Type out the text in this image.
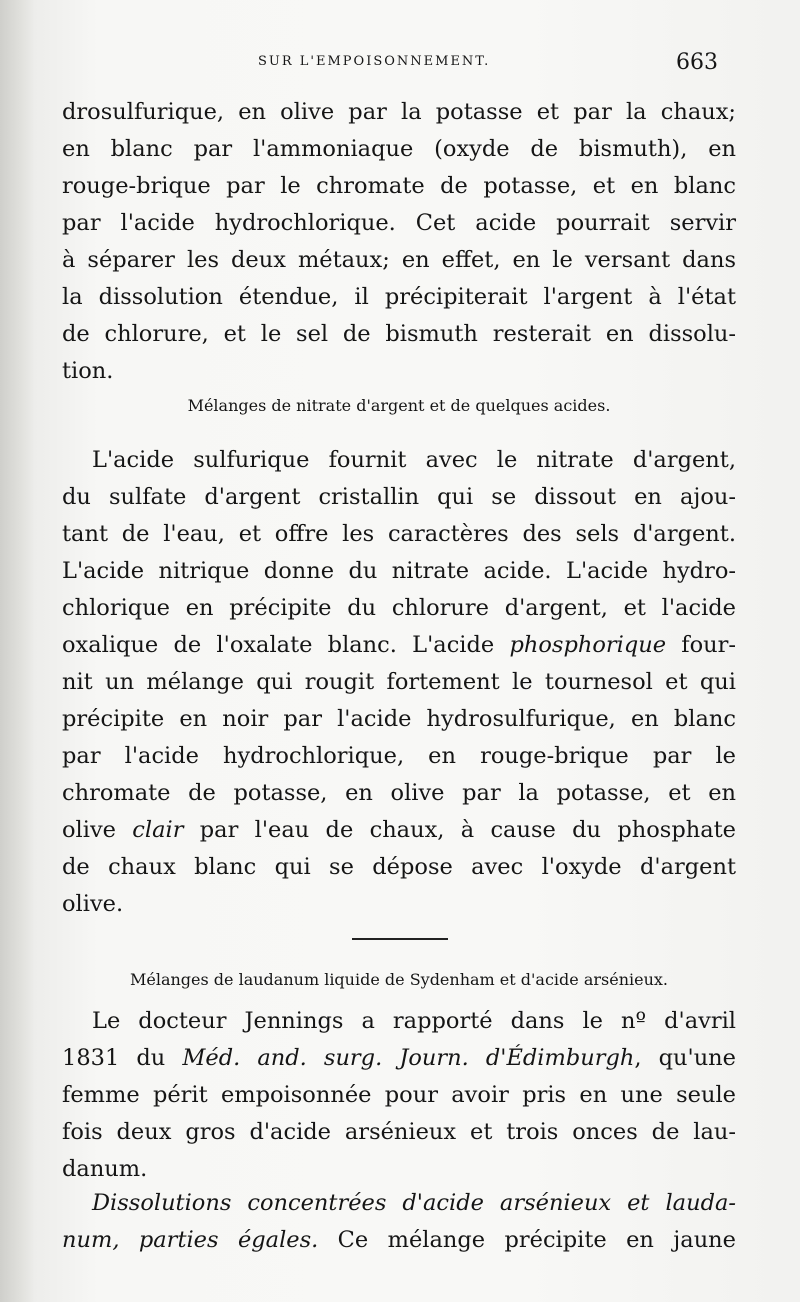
SUR L'EMPOISONNEMENT.	663

drosulfurique, en olive par la potasse et par la chaux;
en blanc par l'ammoniaque (oxyde de bismuth), en
rouge-brique par le chromate de potasse, et en blanc
par l'acide hydrochlorique. Cet acide pourrait servir
à séparer les deux métaux; en effet, en le versant dans
la dissolution étendue, il précipiterait l'argent à l'état
de chlorure, et le sel de bismuth resterait en dissolu-
tion.

Mélanges de nitrate d'argent et de quelques acides.

L'acide sulfurique fournit avec le nitrate d'argent,
du sulfate d'argent cristallin qui se dissout en ajou-
tant de l'eau, et offre les caractères des sels d'argent.
L'acide nitrique donne du nitrate acide. L'acide hydro-
chlorique en précipite du chlorure d'argent, et l'acide
oxalique de l'oxalate blanc. L'acide phosphorique four-
nit un mélange qui rougit fortement le tournesol et qui
précipite en noir par l'acide hydrosulfurique, en blanc
par l'acide hydrochlorique, en rouge-brique par le
chromate de potasse, en olive par la potasse, et en
olive clair par l'eau de chaux, à cause du phosphate
de chaux blanc qui se dépose avec l'oxyde d'argent
olive.

Mélanges de laudanum liquide de Sydenham et d'acide arsénieux.

Le docteur Jennings a rapporté dans le nº d'avril
1831 du Méd. and. surg. Journ. d'Édimburgh, qu'une
femme périt empoisonnée pour avoir pris en une seule
fois deux gros d'acide arsénieux et trois onces de lau-
danum.

Dissolutions concentrées d'acide arsénieux et lauda-
num, parties égales. Ce mélange précipite en jaune
